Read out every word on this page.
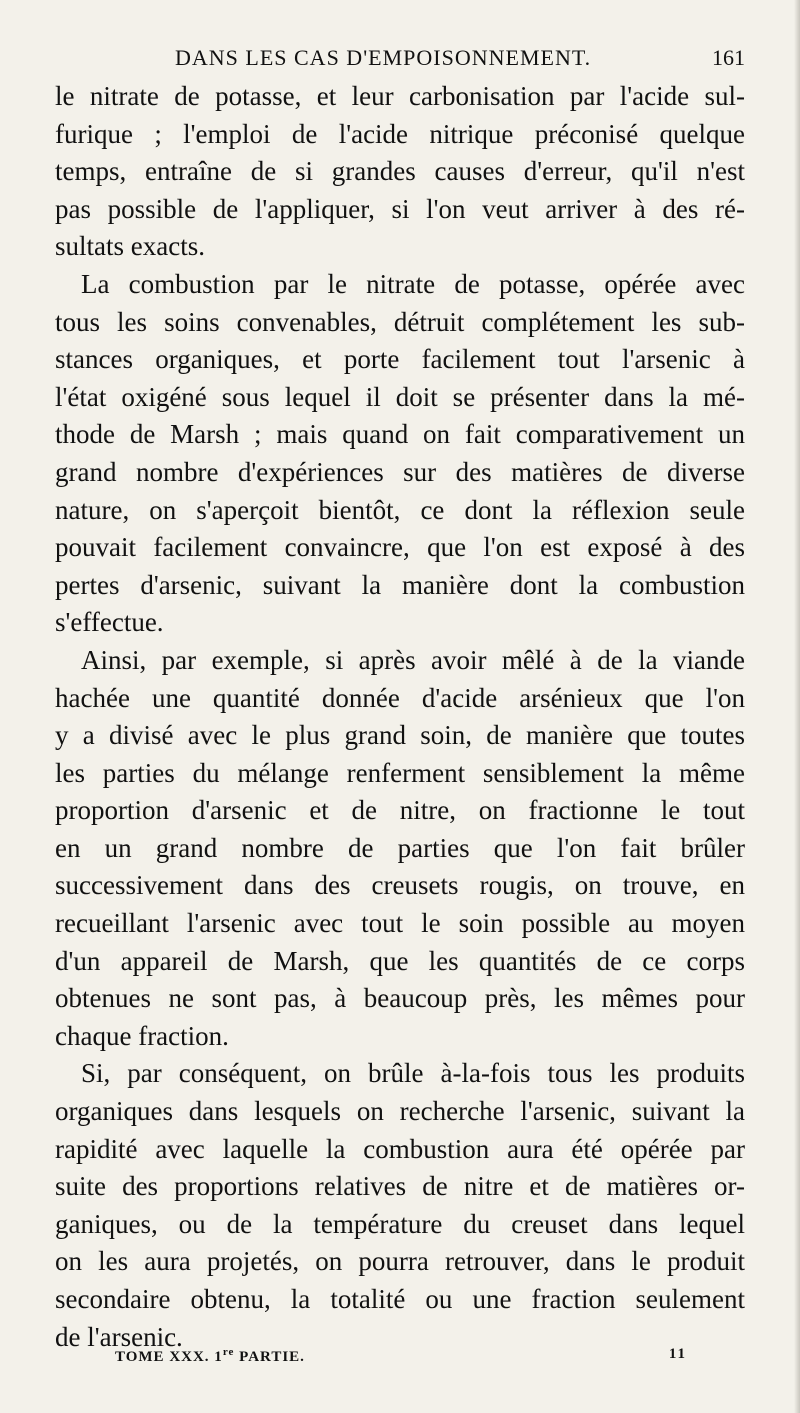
DANS LES CAS D'EMPOISONNEMENT.	161
le nitrate de potasse, et leur carbonisation par l'acide sul-
furique ; l'emploi de l'acide nitrique préconisé quelque
temps, entraîne de si grandes causes d'erreur, qu'il n'est
pas possible de l'appliquer, si l'on veut arriver à des ré-
sultats exacts.
La combustion par le nitrate de potasse, opérée avec
tous les soins convenables, détruit complétement les sub-
stances organiques, et porte facilement tout l'arsenic à
l'état oxigéné sous lequel il doit se présenter dans la mé-
thode de Marsh ; mais quand on fait comparativement un
grand nombre d'expériences sur des matières de diverse
nature, on s'aperçoit bientôt, ce dont la réflexion seule
pouvait facilement convaincre, que l'on est exposé à des
pertes d'arsenic, suivant la manière dont la combustion
s'effectue.
Ainsi, par exemple, si après avoir mêlé à de la viande
hachée une quantité donnée d'acide arsénieux que l'on
y a divisé avec le plus grand soin, de manière que toutes
les parties du mélange renferment sensiblement la même
proportion d'arsenic et de nitre, on fractionne le tout
en un grand nombre de parties que l'on fait brûler
successivement dans des creusets rougis, on trouve, en
recueillant l'arsenic avec tout le soin possible au moyen
d'un appareil de Marsh, que les quantités de ce corps
obtenues ne sont pas, à beaucoup près, les mêmes pour
chaque fraction.
Si, par conséquent, on brûle à-la-fois tous les produits
organiques dans lesquels on recherche l'arsenic, suivant la
rapidité avec laquelle la combustion aura été opérée par
suite des proportions relatives de nitre et de matières or-
ganiques, ou de la température du creuset dans lequel
on les aura projetés, on pourra retrouver, dans le produit
secondaire obtenu, la totalité ou une fraction seulement
de l'arsenic.
TOME XXX. 1re PARTIE.	11
